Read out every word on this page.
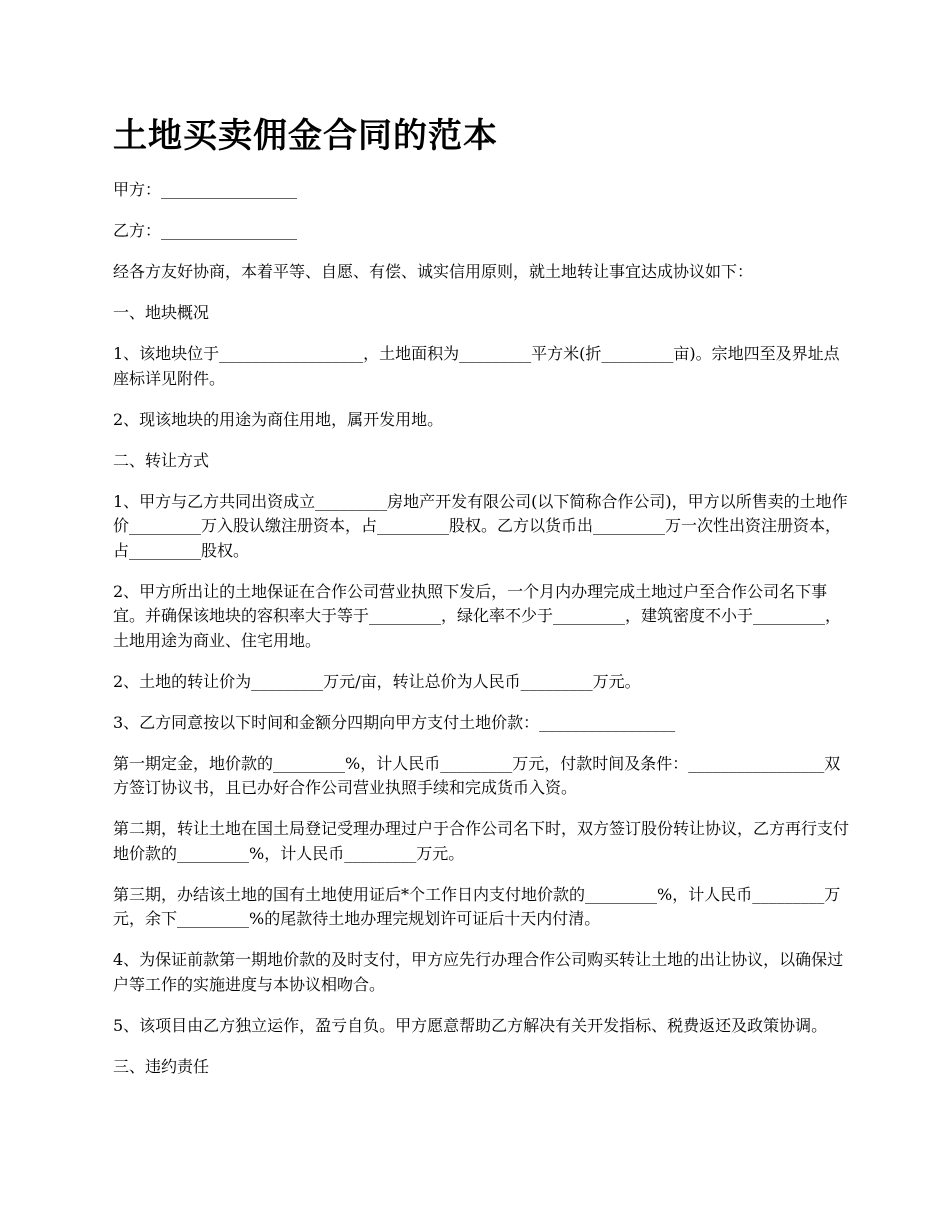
土地买卖佣金合同的范本

甲方：_________________

乙方：_________________

经各方友好协商，本着平等、自愿、有偿、诚实信用原则，就土地转让事宜达成协议如下：

一、地块概况

1、该地块位于__________________，土地面积为_________平方米(折_________亩)。宗地四至及界址点座标详见附件。

2、现该地块的用途为商住用地，属开发用地。

二、转让方式

1、甲方与乙方共同出资成立_________房地产开发有限公司(以下简称合作公司)，甲方以所售卖的土地作价_________万入股认缴注册资本，占_________股权。乙方以货币出_________万一次性出资注册资本，占_________股权。

2、甲方所出让的土地保证在合作公司营业执照下发后，一个月内办理完成土地过户至合作公司名下事宜。并确保该地块的容积率大于等于_________，绿化率不少于_________，建筑密度不小于_________，土地用途为商业、住宅用地。

2、土地的转让价为_________万元/亩，转让总价为人民币_________万元。

3、乙方同意按以下时间和金额分四期向甲方支付土地价款：_________________

第一期定金，地价款的_________%，计人民币_________万元，付款时间及条件：_________________双方签订协议书，且已办好合作公司营业执照手续和完成货币入资。

第二期，转让土地在国土局登记受理办理过户于合作公司名下时，双方签订股份转让协议，乙方再行支付地价款的_________%，计人民币_________万元。

第三期，办结该土地的国有土地使用证后*个工作日内支付地价款的_________%，计人民币_________万元，余下_________%的尾款待土地办理完规划许可证后十天内付清。

4、为保证前款第一期地价款的及时支付，甲方应先行办理合作公司购买转让土地的出让协议，以确保过户等工作的实施进度与本协议相吻合。

5、该项目由乙方独立运作，盈亏自负。甲方愿意帮助乙方解决有关开发指标、税费返还及政策协调。

三、违约责任
